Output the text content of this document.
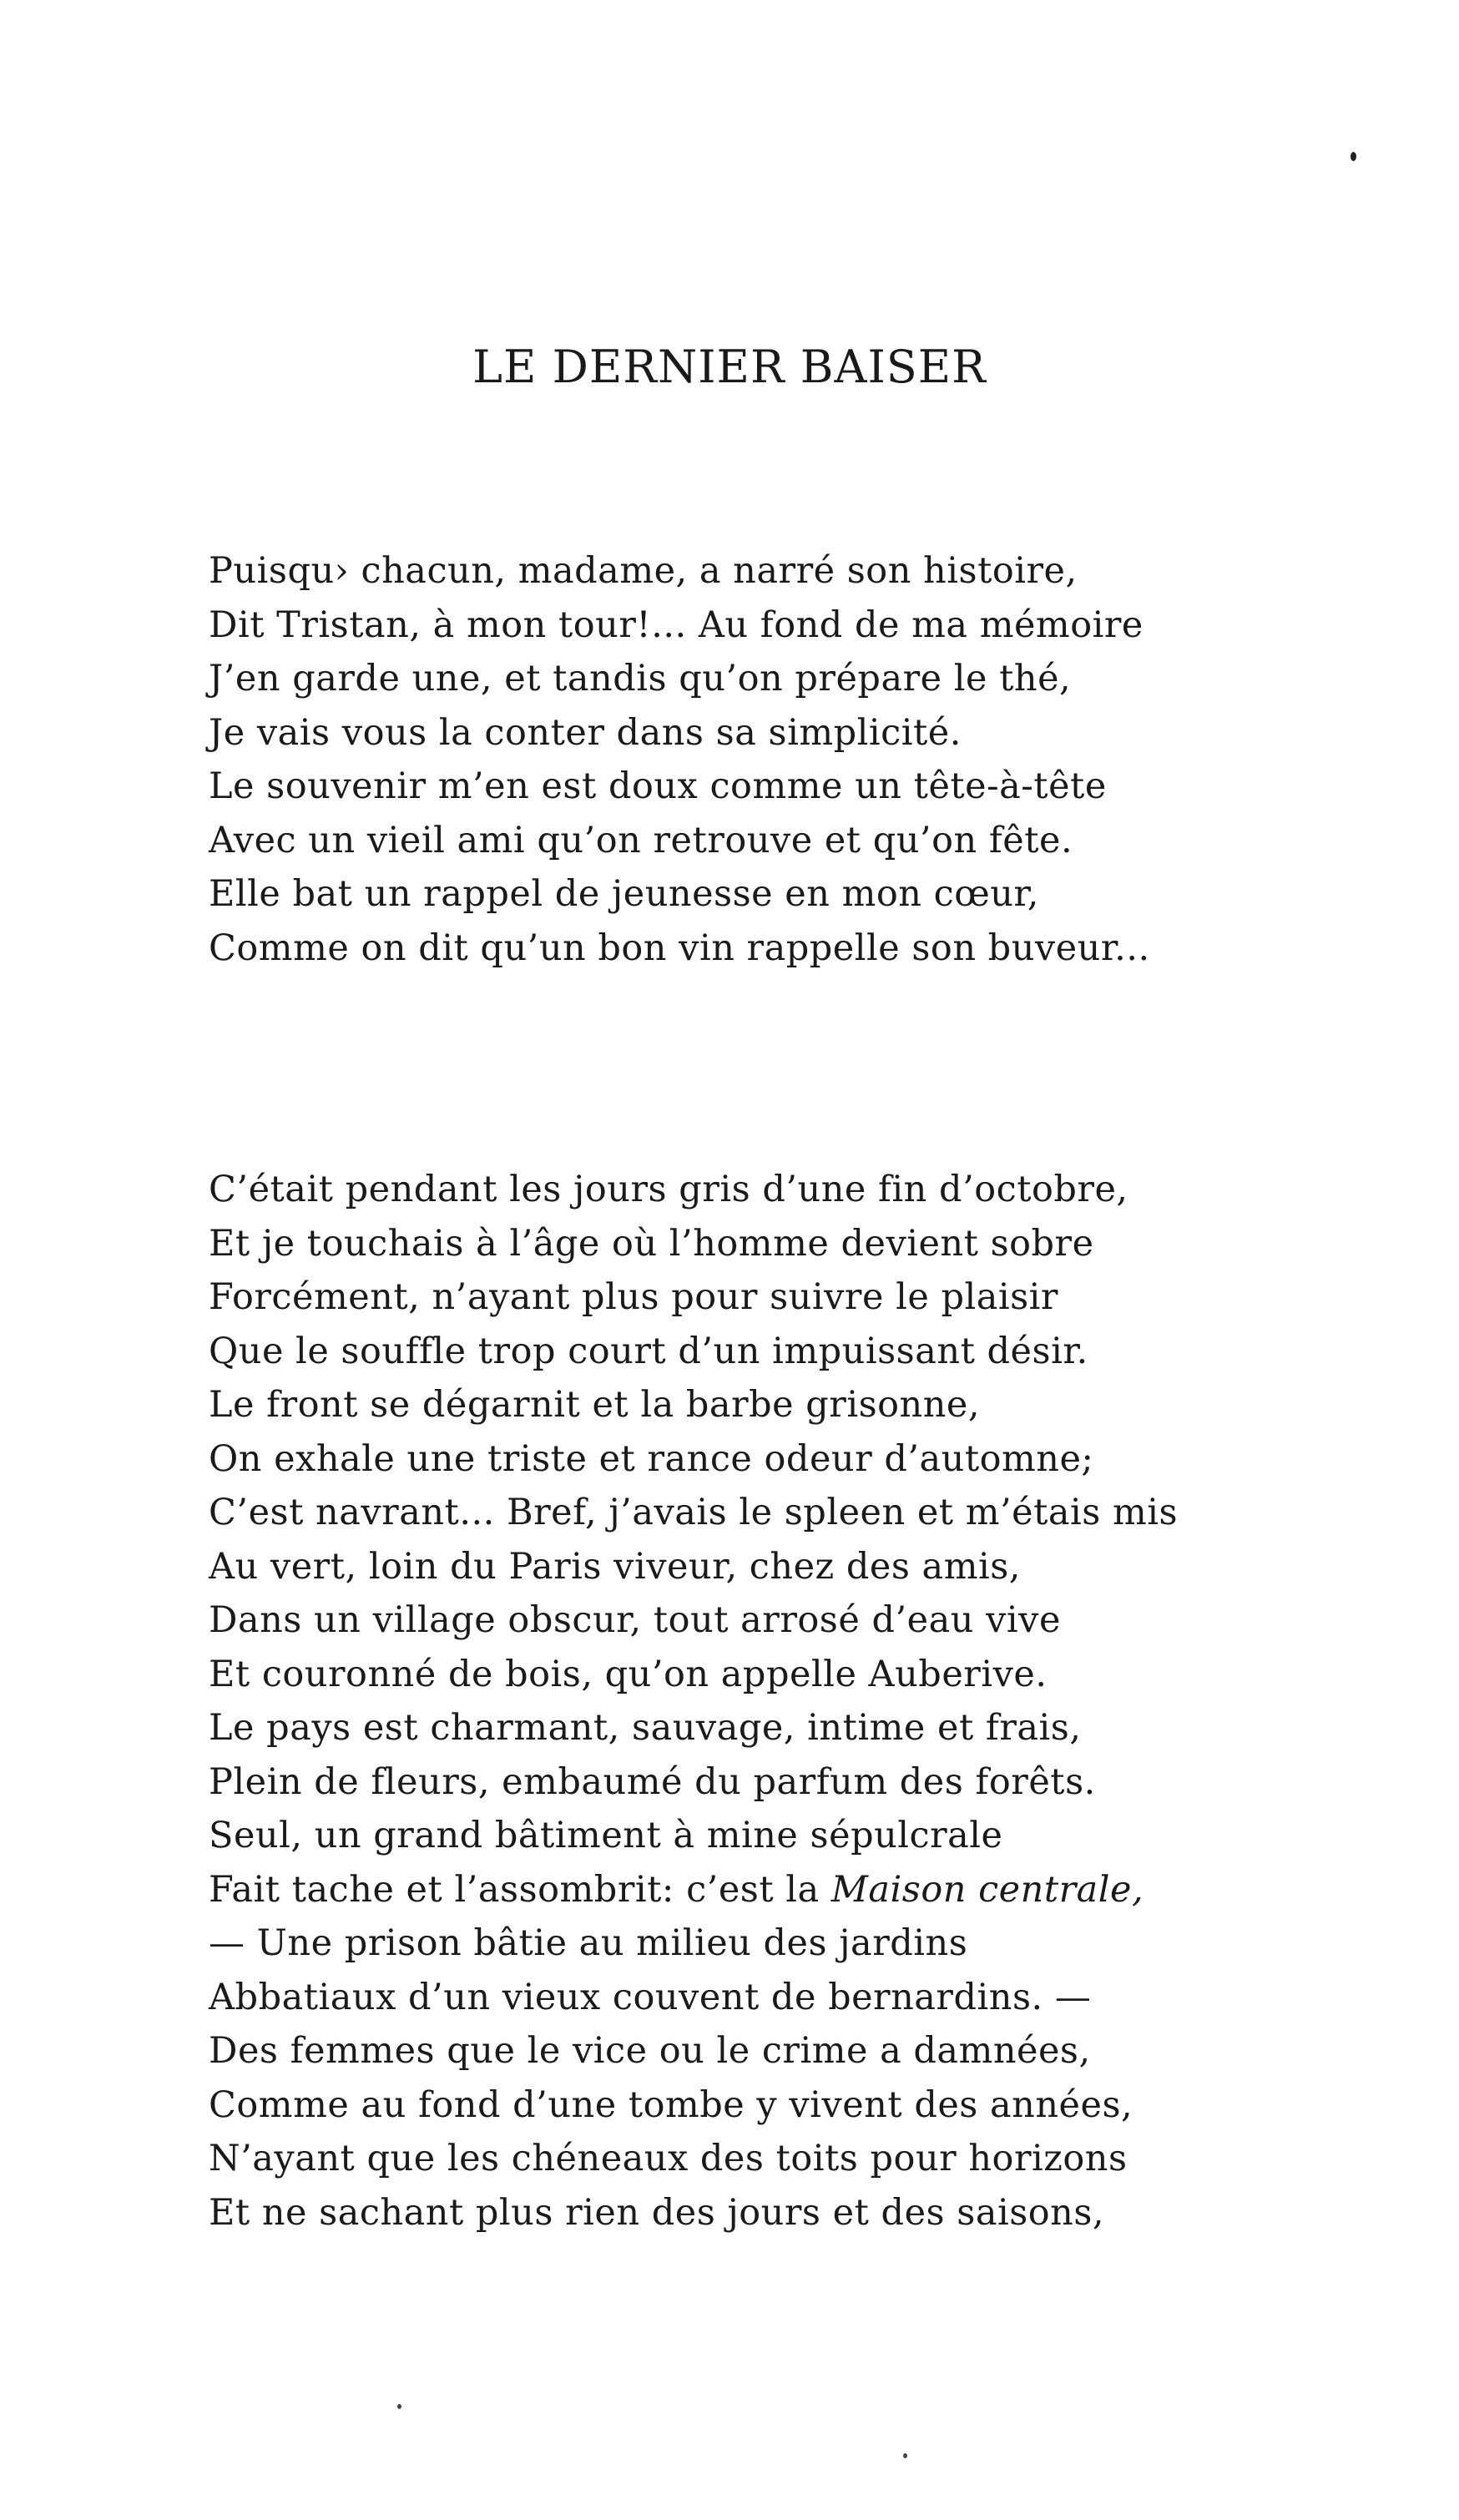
LE DERNIER BAISER
Puisqu› chacun, madame, a narré son histoire,
Dit Tristan, à mon tour!... Au fond de ma mémoire
J’en garde une, et tandis qu’on prépare le thé,
Je vais vous la conter dans sa simplicité.
Le souvenir m’en est doux comme un tête-à-tête
Avec un vieil ami qu’on retrouve et qu’on fête.
Elle bat un rappel de jeunesse en mon cœur,
Comme on dit qu’un bon vin rappelle son buveur...
C’était pendant les jours gris d’une fin d’octobre,
Et je touchais à l’âge où l’homme devient sobre
Forcément, n’ayant plus pour suivre le plaisir
Que le souffle trop court d’un impuissant désir.
Le front se dégarnit et la barbe grisonne,
On exhale une triste et rance odeur d’automne;
C’est navrant... Bref, j’avais le spleen et m’étais mis
Au vert, loin du Paris viveur, chez des amis,
Dans un village obscur, tout arrosé d’eau vive
Et couronné de bois, qu’on appelle Auberive.
Le pays est charmant, sauvage, intime et frais,
Plein de fleurs, embaumé du parfum des forêts.
Seul, un grand bâtiment à mine sépulcrale
Fait tache et l’assombrit: c’est la Maison centrale,
— Une prison bâtie au milieu des jardins
Abbatiaux d’un vieux couvent de bernardins. —
Des femmes que le vice ou le crime a damnées,
Comme au fond d’une tombe y vivent des années,
N’ayant que les chéneaux des toits pour horizons
Et ne sachant plus rien des jours et des saisons,
